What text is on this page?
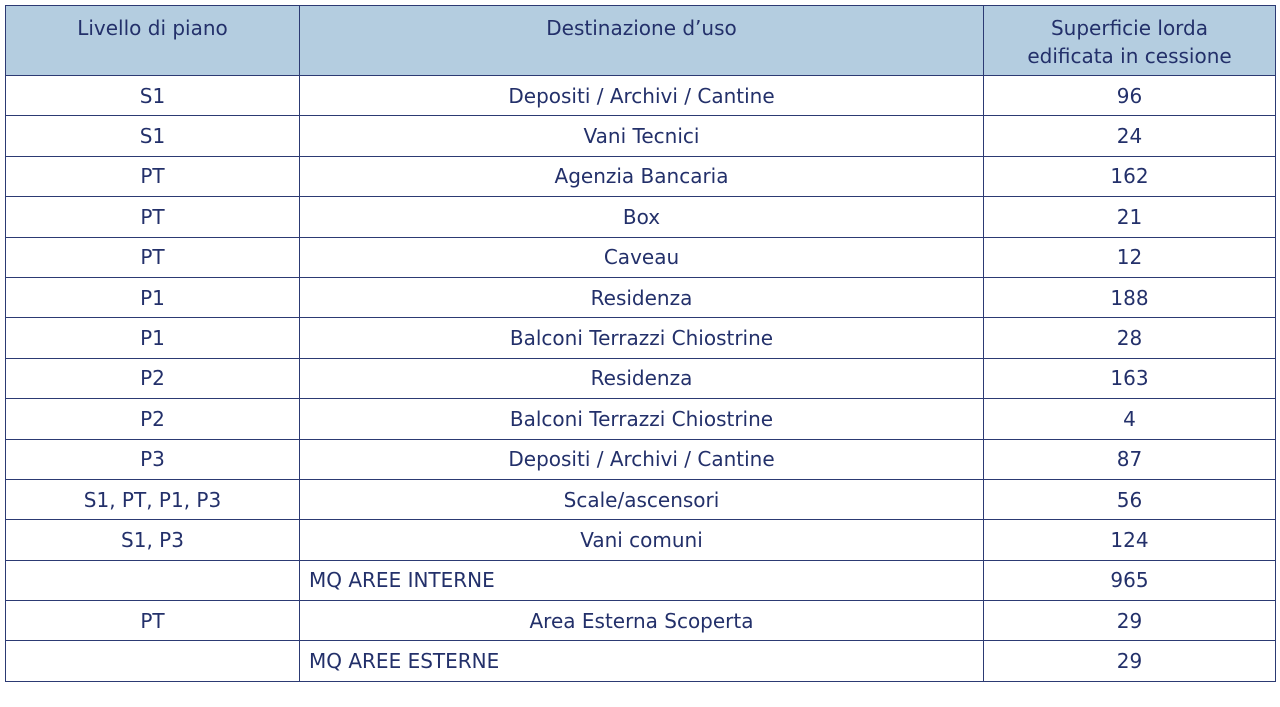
Livello di piano	Destinazione d’uso	Superficie lorda
edificata in cessione

S1	Depositi / Archivi / Cantine	96
S1	Vani Tecnici	24
PT	Agenzia Bancaria	162
PT	Box	21
PT	Caveau	12
P1	Residenza	188
P1	Balconi Terrazzi Chiostrine	28
P2	Residenza	163
P2	Balconi Terrazzi Chiostrine	4
P3	Depositi / Archivi / Cantine	87
S1, PT, P1, P3	Scale/ascensori	56
S1, P3	Vani comuni	124
	MQ AREE INTERNE	965
PT	Area Esterna Scoperta	29
	MQ AREE ESTERNE	29
